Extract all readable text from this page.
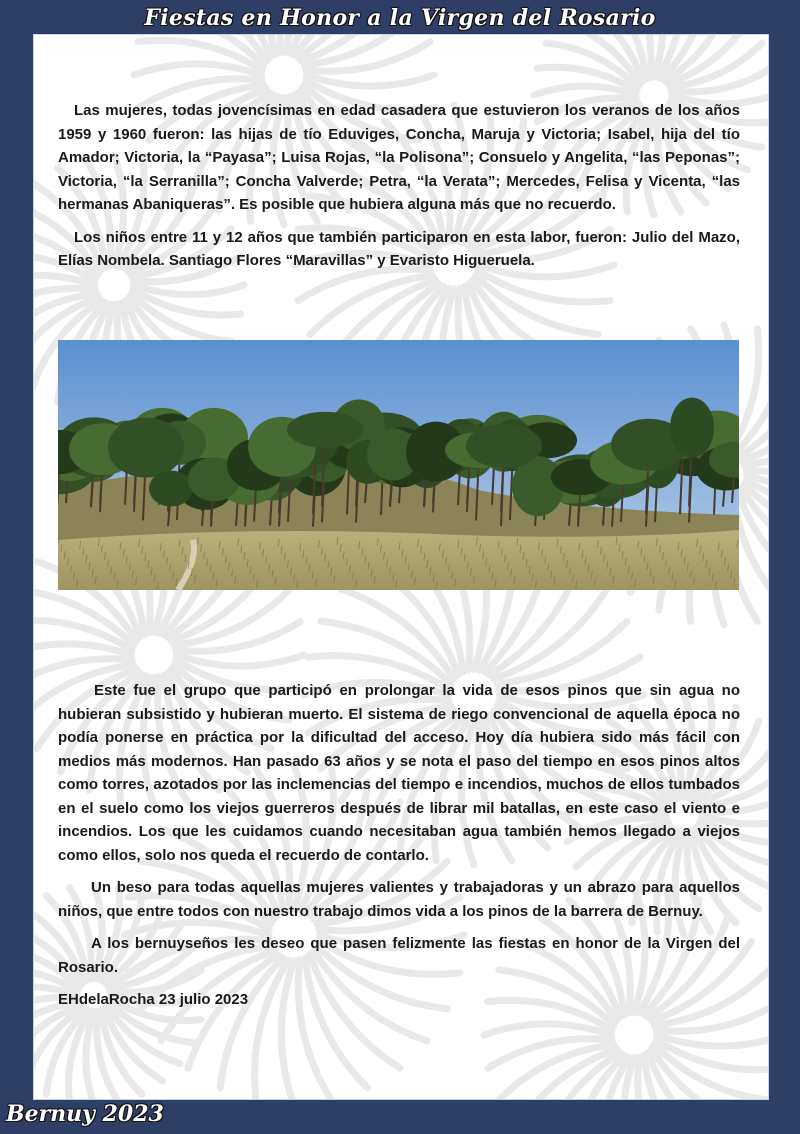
Fiestas en Honor a la Virgen del Rosario

Las mujeres, todas jovencísimas en edad casadera que estuvieron los veranos de los años 1959 y 1960 fueron: las hijas de tío Eduviges, Concha, Maruja y Victoria; Isabel, hija del tío Amador; Victoria, la “Payasa”; Luisa Rojas, “la Polisona”; Consuelo y Angelita, “las Peponas”; Victoria, “la Serranilla”; Concha Valverde; Petra, “la Verata”; Mercedes, Felisa y Vicenta, “las hermanas Abaniqueras”. Es posible que hubiera alguna más que no recuerdo.

Los niños entre 11 y 12 años que también participaron en esta labor, fueron: Julio del Mazo, Elías Nombela. Santiago Flores “Maravillas” y Evaristo Higueruela.

Este fue el grupo que participó en prolongar la vida de esos pinos que sin agua no hubieran subsistido y hubieran muerto. El sistema de riego convencional de aquella época no podía ponerse en práctica por la dificultad del acceso. Hoy día hubiera sido más fácil con medios más modernos. Han pasado 63 años y se nota el paso del tiempo en esos pinos altos como torres, azotados por las inclemencias del tiempo e incendios, muchos de ellos tumbados en el suelo como los viejos guerreros después de librar mil batallas, en este caso el viento e incendios. Los que les cuidamos cuando necesitaban agua también hemos llegado a viejos como ellos, solo nos queda el recuerdo de contarlo.

Un beso para todas aquellas mujeres valientes y trabajadoras y un abrazo para aquellos niños, que entre todos con nuestro trabajo dimos vida a los pinos de la barrera de Bernuy.

A los bernuyseños les deseo que pasen felizmente las fiestas en honor de la Virgen del Rosario.

EHdelaRocha 23 julio 2023

Bernuy 2023
